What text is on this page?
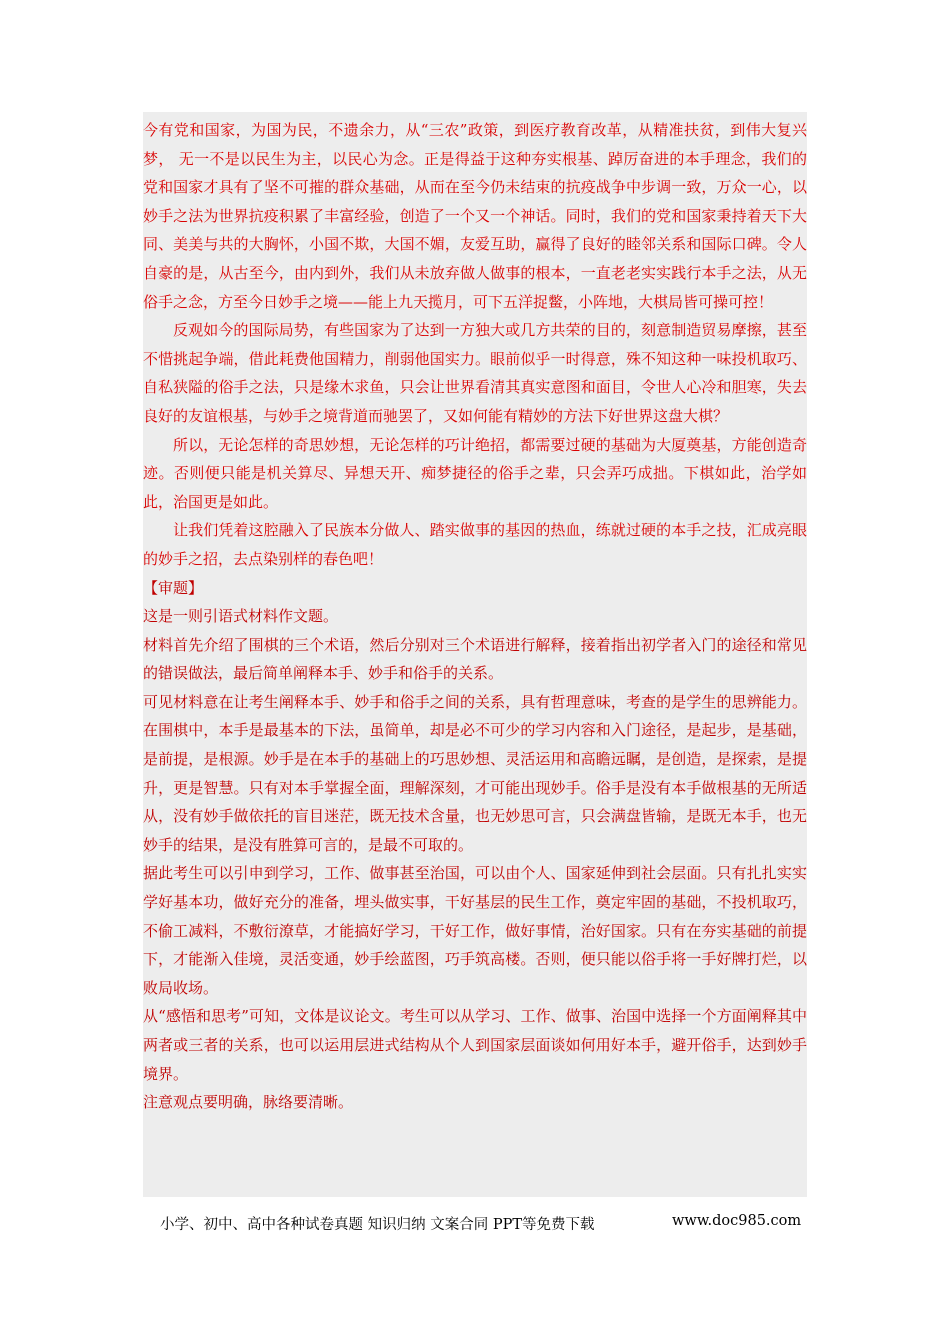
今有党和国家，为国为民，不遗余力，从“三农”政策，到医疗教育改革，从精准扶贫，到伟大复兴梦， 无一不是以民生为主，以民心为念。正是得益于这种夯实根基、踔厉奋进的本手理念，我们的党和国家才具有了坚不可摧的群众基础，从而在至今仍未结束的抗疫战争中步调一致，万众一心，以妙手之法为世界抗疫积累了丰富经验，创造了一个又一个神话。同时，我们的党和国家秉持着天下大同、美美与共的大胸怀，小国不欺，大国不媚，友爱互助，赢得了良好的睦邻关系和国际口碑。令人自豪的是，从古至今，由内到外，我们从未放弃做人做事的根本，一直老老实实践行本手之法，从无俗手之念，方至今日妙手之境——能上九天揽月，可下五洋捉鳖，小阵地，大棋局皆可操可控！

反观如今的国际局势，有些国家为了达到一方独大或几方共荣的目的，刻意制造贸易摩擦，甚至不惜挑起争端，借此耗费他国精力，削弱他国实力。眼前似乎一时得意，殊不知这种一味投机取巧、自私狭隘的俗手之法，只是缘木求鱼，只会让世界看清其真实意图和面目，令世人心冷和胆寒，失去良好的友谊根基，与妙手之境背道而驰罢了，又如何能有精妙的方法下好世界这盘大棋？

所以，无论怎样的奇思妙想，无论怎样的巧计绝招，都需要过硬的基础为大厦奠基，方能创造奇迹。否则便只能是机关算尽、异想天开、痴梦捷径的俗手之辈，只会弄巧成拙。下棋如此，治学如此，治国更是如此。

让我们凭着这腔融入了民族本分做人、踏实做事的基因的热血，练就过硬的本手之技，汇成亮眼的妙手之招，去点染别样的春色吧！

【审题】

这是一则引语式材料作文题。

材料首先介绍了围棋的三个术语，然后分别对三个术语进行解释，接着指出初学者入门的途径和常见的错误做法，最后简单阐释本手、妙手和俗手的关系。

可见材料意在让考生阐释本手、妙手和俗手之间的关系，具有哲理意味，考查的是学生的思辨能力。在围棋中，本手是最基本的下法，虽简单，却是必不可少的学习内容和入门途径，是起步，是基础，是前提，是根源。妙手是在本手的基础上的巧思妙想、灵活运用和高瞻远瞩，是创造，是探索，是提升，更是智慧。只有对本手掌握全面，理解深刻，才可能出现妙手。俗手是没有本手做根基的无所适从，没有妙手做依托的盲目迷茫，既无技术含量，也无妙思可言，只会满盘皆输，是既无本手，也无妙手的结果，是没有胜算可言的，是最不可取的。

据此考生可以引申到学习，工作、做事甚至治国，可以由个人、国家延伸到社会层面。只有扎扎实实学好基本功，做好充分的准备，埋头做实事，干好基层的民生工作，奠定牢固的基础，不投机取巧，不偷工减料，不敷衍潦草，才能搞好学习，干好工作，做好事情，治好国家。只有在夯实基础的前提下，才能渐入佳境，灵活变通，妙手绘蓝图，巧手筑高楼。否则，便只能以俗手将一手好牌打烂，以败局收场。

从“感悟和思考”可知，文体是议论文。考生可以从学习、工作、做事、治国中选择一个方面阐释其中两者或三者的关系，也可以运用层进式结构从个人到国家层面谈如何用好本手，避开俗手，达到妙手境界。

注意观点要明确，脉络要清晰。

小学、初中、高中各种试卷真题 知识归纳 文案合同 PPT等免费下载	www.doc985.com
